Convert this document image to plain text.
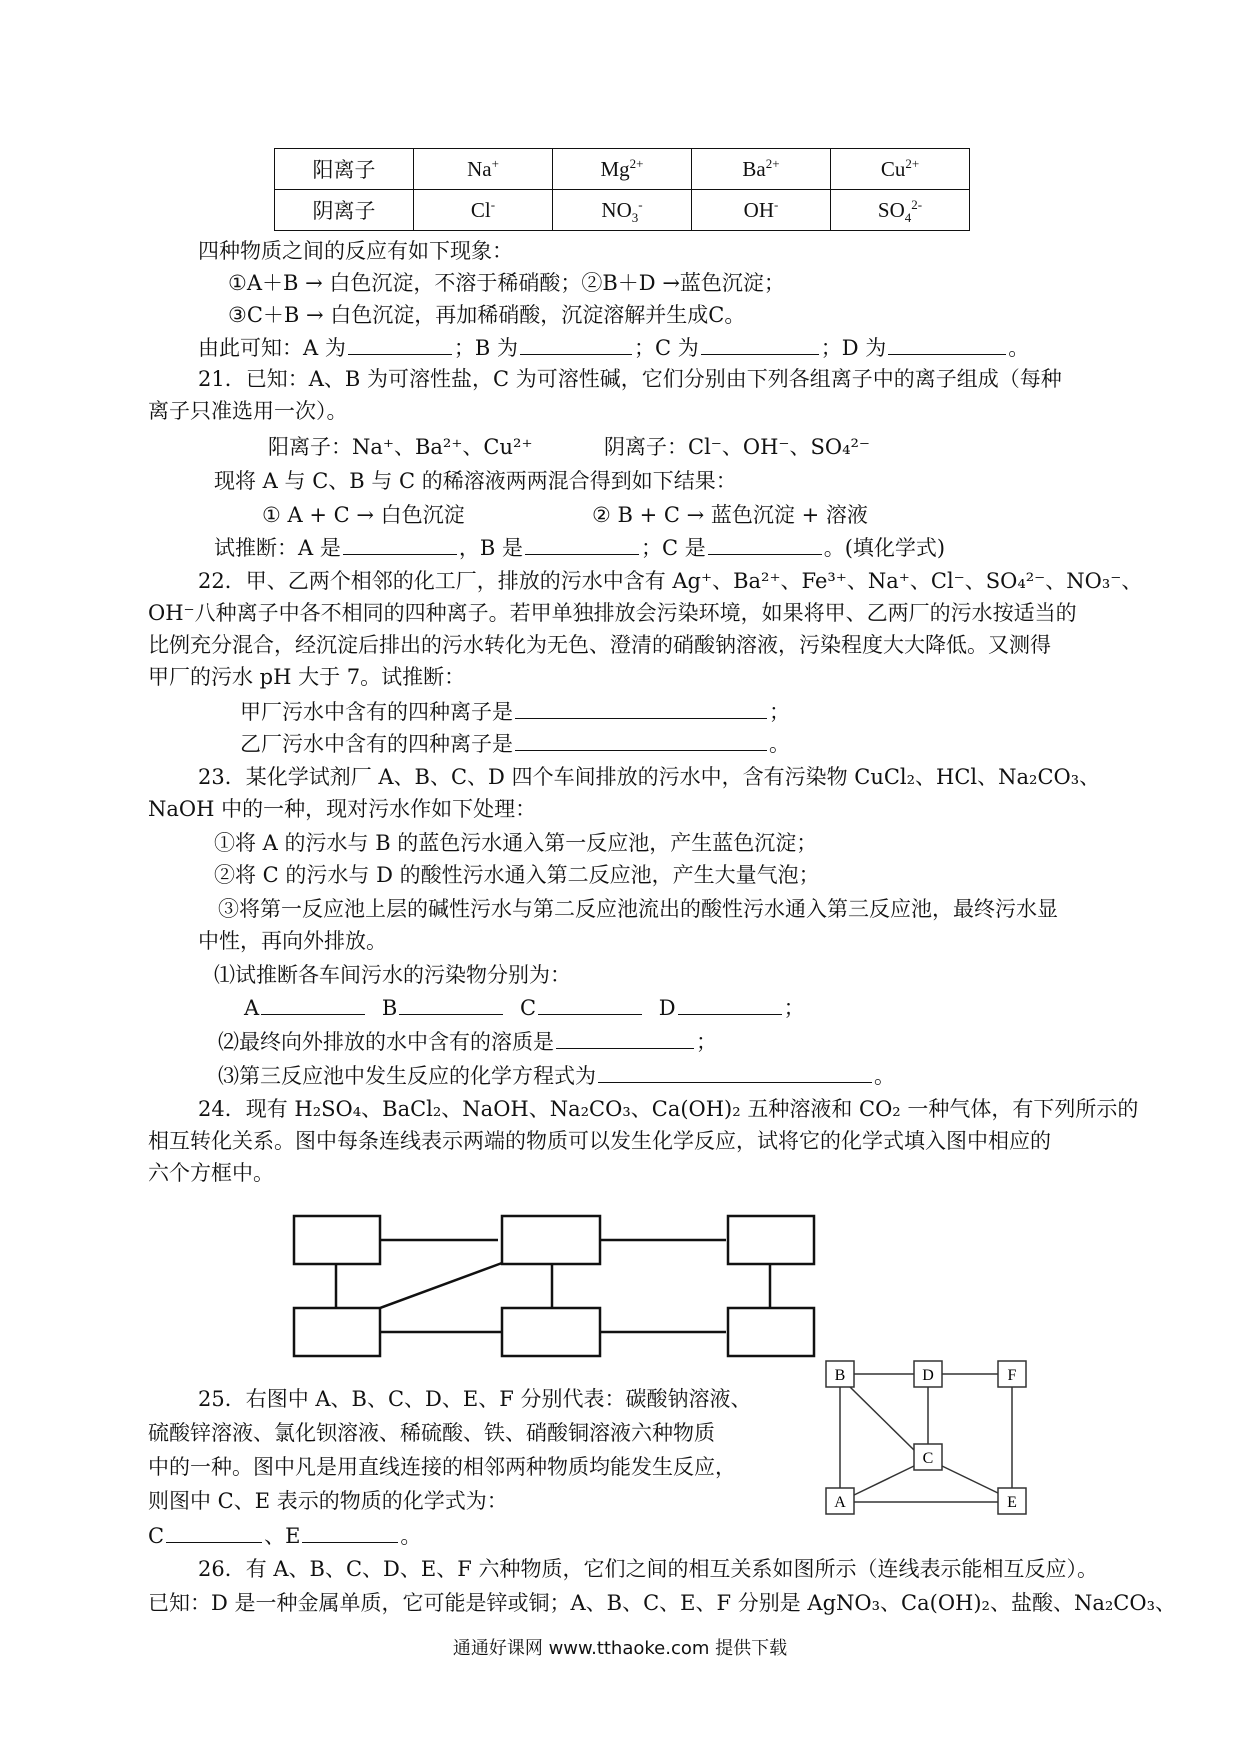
阳离子	Na+	$Mg^{2+}$	$Ba^{2+}$	$Cu^{2+}$
阴离子	Cl-	$NO_3^-$	OH-	$SO_4^{2-}$
四种物质之间的反应有如下现象：
①A＋B → 白色沉淀，不溶于稀硝酸；②B＋D →蓝色沉淀；
③C＋B → 白色沉淀，再加稀硝酸，沉淀溶解并生成C。
由此可知：A 为	；B 为	；C 为	；D 为	。
21．已知：A、B 为可溶性盐，C 为可溶性碱，它们分别由下列各组离子中的离子组成（每种
离子只准选用一次）。
阳离子：Na⁺、Ba²⁺、Cu²⁺	阴离子：Cl⁻、OH⁻、SO₄²⁻
现将 A 与 C、B 与 C 的稀溶液两两混合得到如下结果：
① A + C → 白色沉淀	② B + C → 蓝色沉淀 + 溶液
试推断：A 是	，B 是	；C 是	。(填化学式)
22．甲、乙两个相邻的化工厂，排放的污水中含有 Ag⁺、Ba²⁺、Fe³⁺、Na⁺、Cl⁻、SO₄²⁻、NO₃⁻、
OH⁻八种离子中各不相同的四种离子。若甲单独排放会污染环境，如果将甲、乙两厂的污水按适当的
比例充分混合，经沉淀后排出的污水转化为无色、澄清的硝酸钠溶液，污染程度大大降低。又测得
甲厂的污水 pH 大于 7。试推断：
甲厂污水中含有的四种离子是	；
乙厂污水中含有的四种离子是	。
23．某化学试剂厂 A、B、C、D 四个车间排放的污水中，含有污染物 CuCl₂、HCl、Na₂CO₃、
NaOH 中的一种，现对污水作如下处理：
①将 A 的污水与 B 的蓝色污水通入第一反应池，产生蓝色沉淀；
②将 C 的污水与 D 的酸性污水通入第二反应池，产生大量气泡；
③将第一反应池上层的碱性污水与第二反应池流出的酸性污水通入第三反应池，最终污水显
中性，再向外排放。
⑴试推断各车间污水的污染物分别为：
A	B	C	D	；
⑵最终向外排放的水中含有的溶质是	；
⑶第三反应池中发生反应的化学方程式为	。
24．现有 H₂SO₄、BaCl₂、NaOH、Na₂CO₃、Ca(OH)₂ 五种溶液和 CO₂ 一种气体，有下列所示的
相互转化关系。图中每条连线表示两端的物质可以发生化学反应，试将它的化学式填入图中相应的
六个方框中。
25．右图中 A、B、C、D、E、F 分别代表：碳酸钠溶液、
硫酸锌溶液、氯化钡溶液、稀硫酸、铁、硝酸铜溶液六种物质
中的一种。图中凡是用直线连接的相邻两种物质均能发生反应，
则图中 C、E 表示的物质的化学式为：
C	、E	。
B	D	F
C
A	E
26．有 A、B、C、D、E、F 六种物质，它们之间的相互关系如图所示（连线表示能相互反应）。
已知：D 是一种金属单质，它可能是锌或铜；A、B、C、E、F 分别是 AgNO₃、Ca(OH)₂、盐酸、Na₂CO₃、
通通好课网 www.tthaoke.com 提供下载
